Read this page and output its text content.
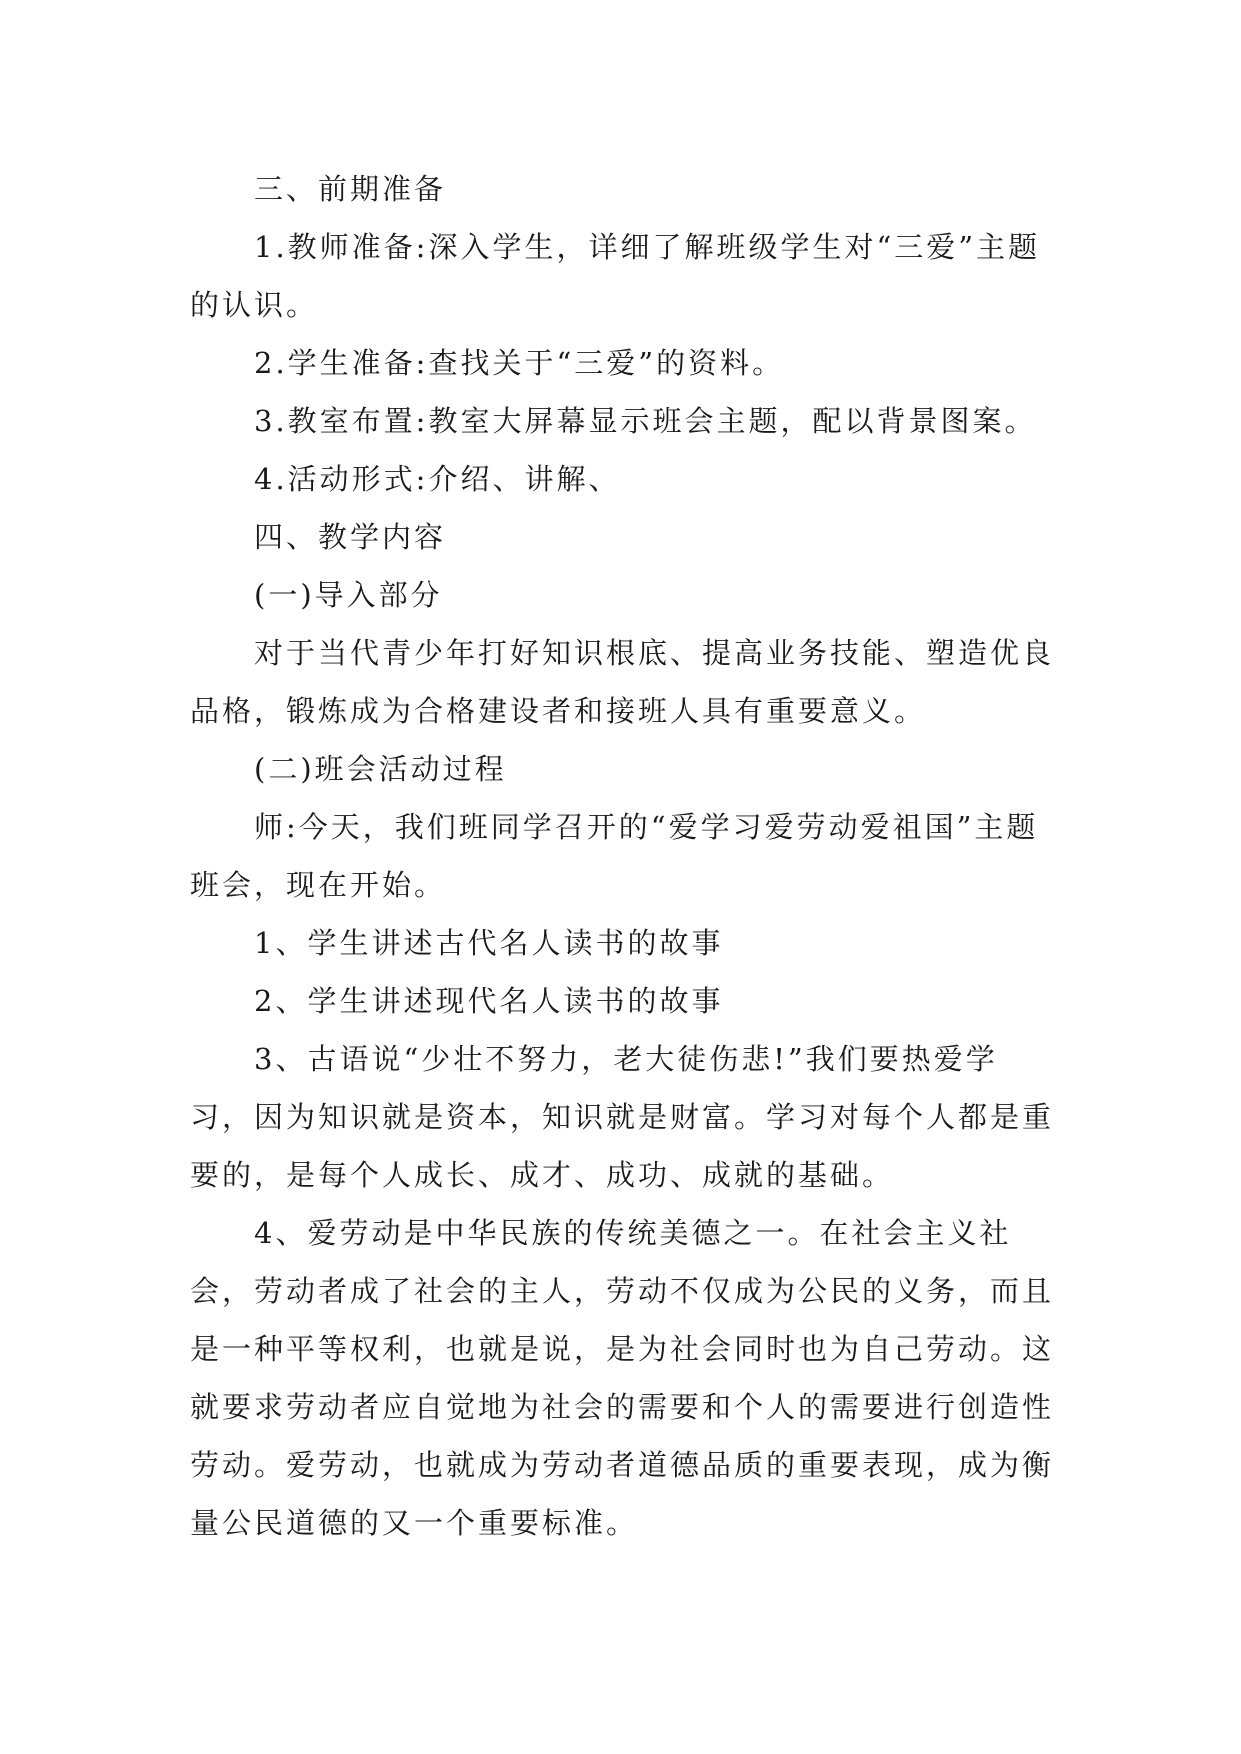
三、前期准备

1.教师准备:深入学生，详细了解班级学生对“三爱”主题的认识。

2.学生准备:查找关于“三爱”的资料。

3.教室布置:教室大屏幕显示班会主题，配以背景图案。

4.活动形式:介绍、讲解、

四、教学内容

(一)导入部分

对于当代青少年打好知识根底、提高业务技能、塑造优良品格，锻炼成为合格建设者和接班人具有重要意义。

(二)班会活动过程

师:今天，我们班同学召开的“爱学习爱劳动爱祖国”主题班会，现在开始。

1、学生讲述古代名人读书的故事

2、学生讲述现代名人读书的故事

3、古语说“少壮不努力，老大徒伤悲!”我们要热爱学习，因为知识就是资本，知识就是财富。学习对每个人都是重要的，是每个人成长、成才、成功、成就的基础。

4、爱劳动是中华民族的传统美德之一。在社会主义社会，劳动者成了社会的主人，劳动不仅成为公民的义务，而且是一种平等权利，也就是说，是为社会同时也为自己劳动。这就要求劳动者应自觉地为社会的需要和个人的需要进行创造性劳动。爱劳动，也就成为劳动者道德品质的重要表现，成为衡量公民道德的又一个重要标准。
